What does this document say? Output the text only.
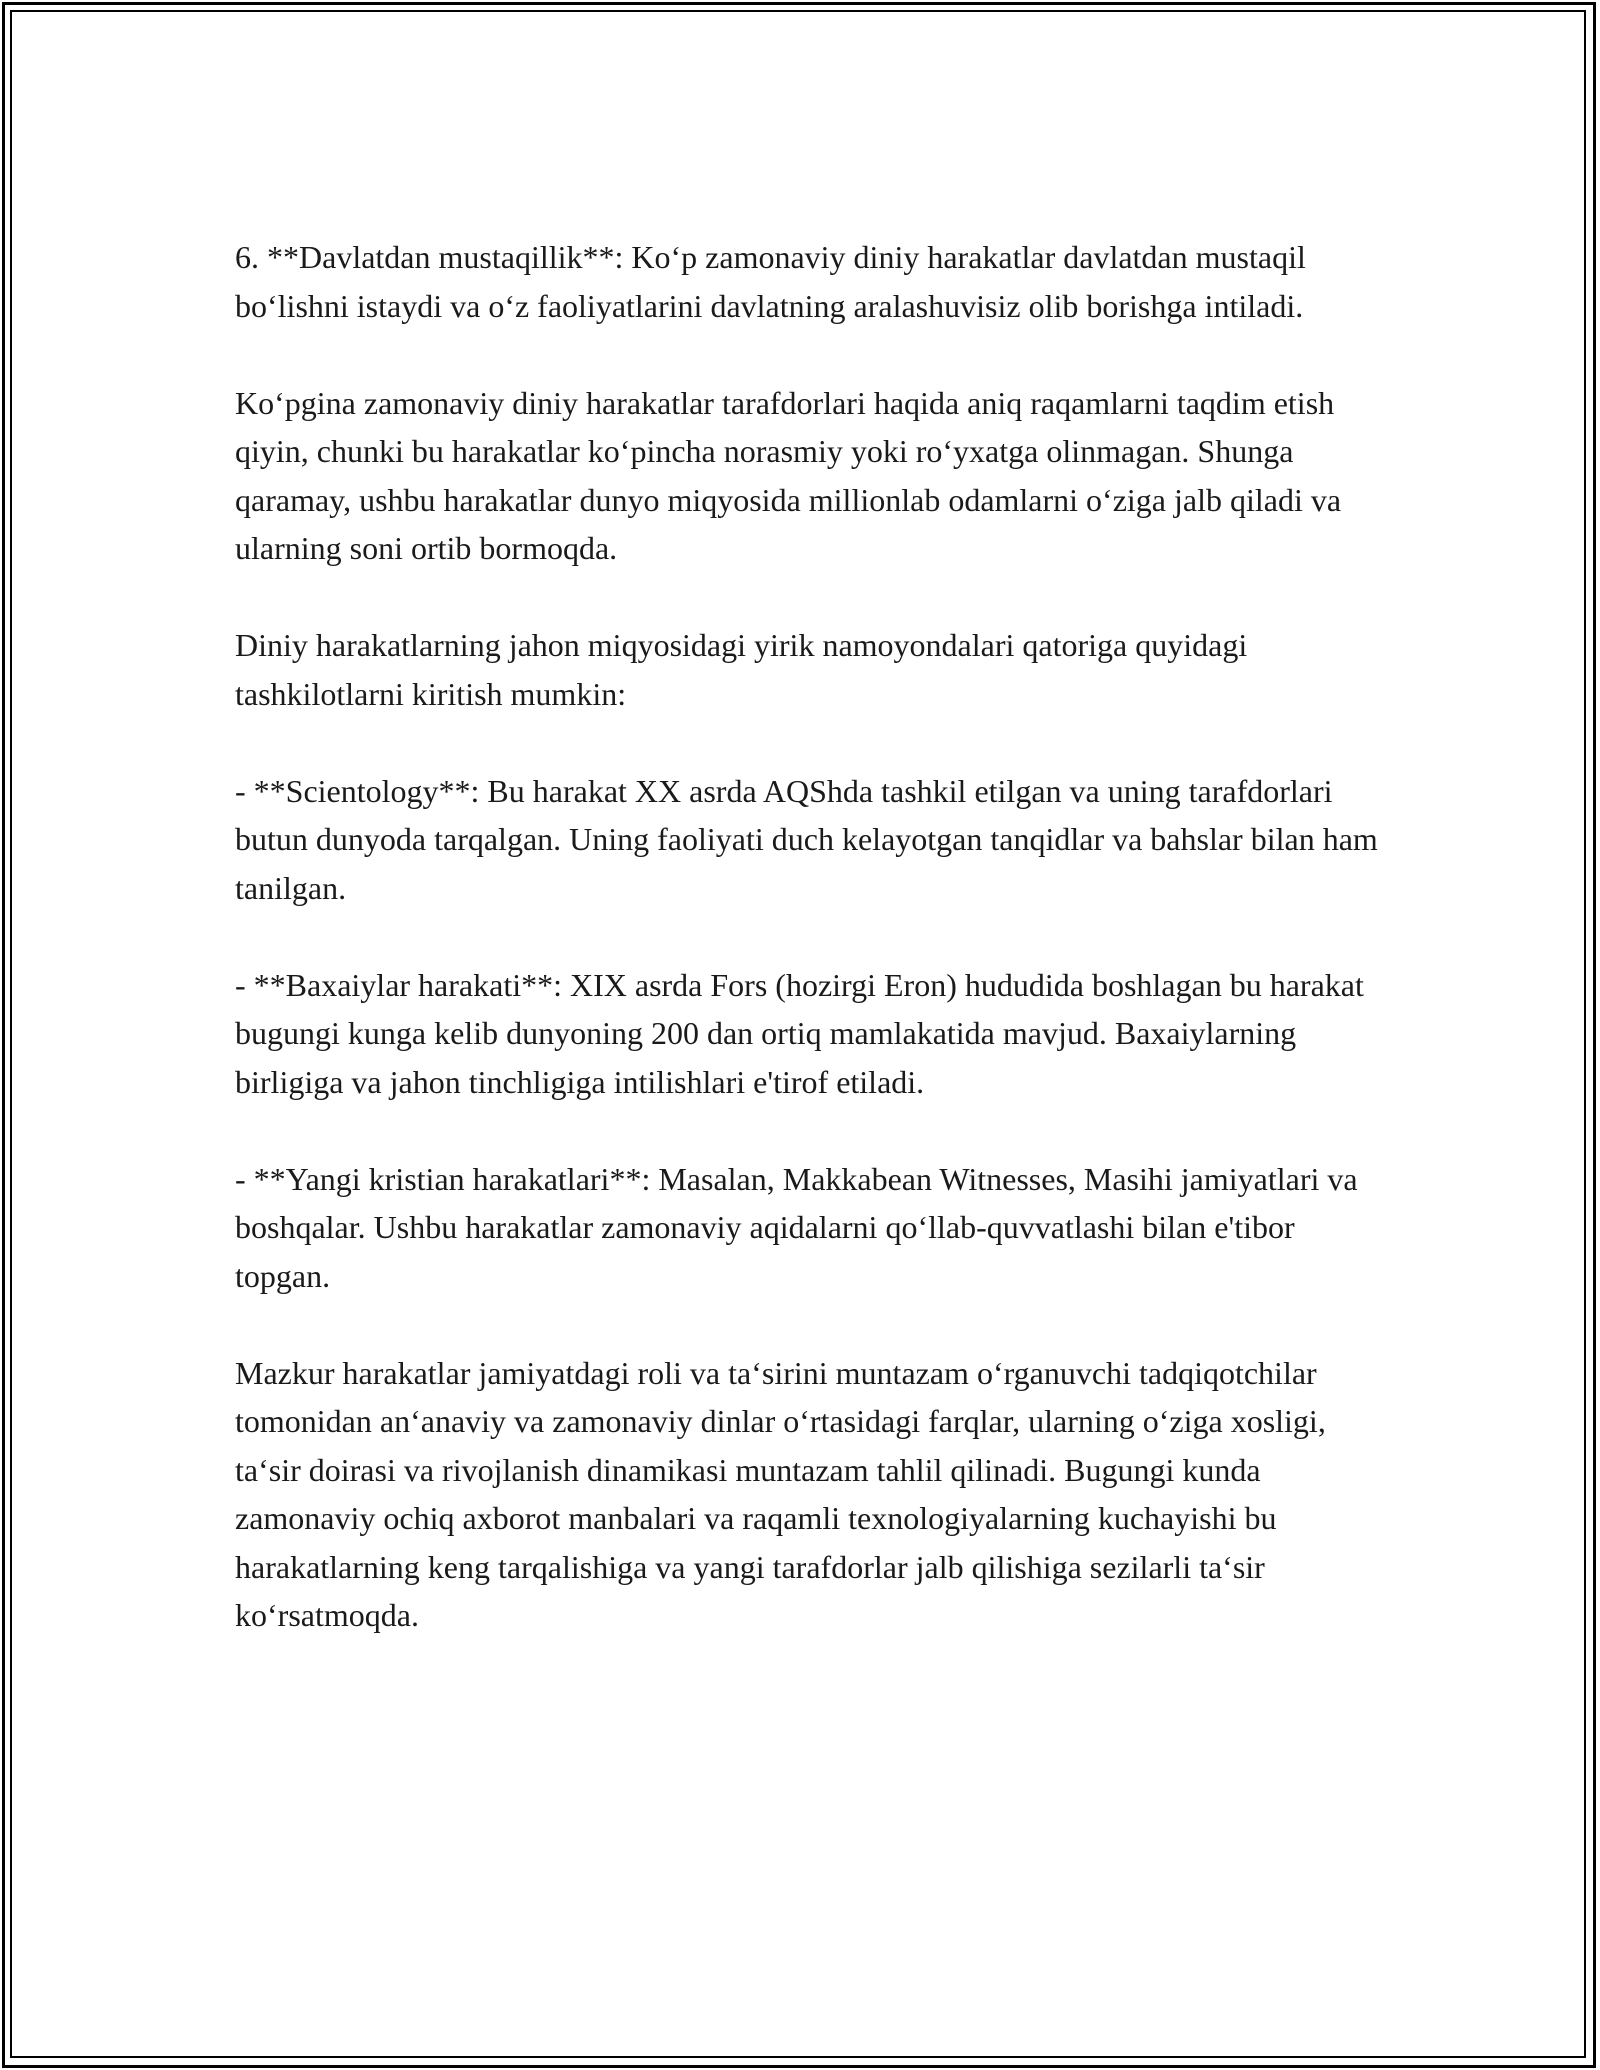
6. **Davlatdan mustaqillik**: Ko‘p zamonaviy diniy harakatlar davlatdan mustaqil bo‘lishni istaydi va o‘z faoliyatlarini davlatning aralashuvisiz olib borishga intiladi.

Ko‘pgina zamonaviy diniy harakatlar tarafdorlari haqida aniq raqamlarni taqdim etish qiyin, chunki bu harakatlar ko‘pincha norasmiy yoki ro‘yxatga olinmagan. Shunga qaramay, ushbu harakatlar dunyo miqyosida millionlab odamlarni o‘ziga jalb qiladi va ularning soni ortib bormoqda.

Diniy harakatlarning jahon miqyosidagi yirik namoyondalari qatoriga quyidagi tashkilotlarni kiritish mumkin:

- **Scientology**: Bu harakat XX asrda AQShda tashkil etilgan va uning tarafdorlari butun dunyoda tarqalgan. Uning faoliyati duch kelayotgan tanqidlar va bahslar bilan ham tanilgan.

- **Baxaiylar harakati**: XIX asrda Fors (hozirgi Eron) hududida boshlagan bu harakat bugungi kunga kelib dunyoning 200 dan ortiq mamlakatida mavjud. Baxaiylarning birligiga va jahon tinchligiga intilishlari e'tirof etiladi.

- **Yangi kristian harakatlari**: Masalan, Makkabean Witnesses, Masihi jamiyatlari va boshqalar. Ushbu harakatlar zamonaviy aqidalarni qo‘llab-quvvatlashi bilan e'tibor topgan.

Mazkur harakatlar jamiyatdagi roli va ta‘sirini muntazam o‘rganuvchi tadqiqotchilar tomonidan an‘anaviy va zamonaviy dinlar o‘rtasidagi farqlar, ularning o‘ziga xosligi, ta‘sir doirasi va rivojlanish dinamikasi muntazam tahlil qilinadi. Bugungi kunda zamonaviy ochiq axborot manbalari va raqamli texnologiyalarning kuchayishi bu harakatlarning keng tarqalishiga va yangi tarafdorlar jalb qilishiga sezilarli ta‘sir ko‘rsatmoqda.
